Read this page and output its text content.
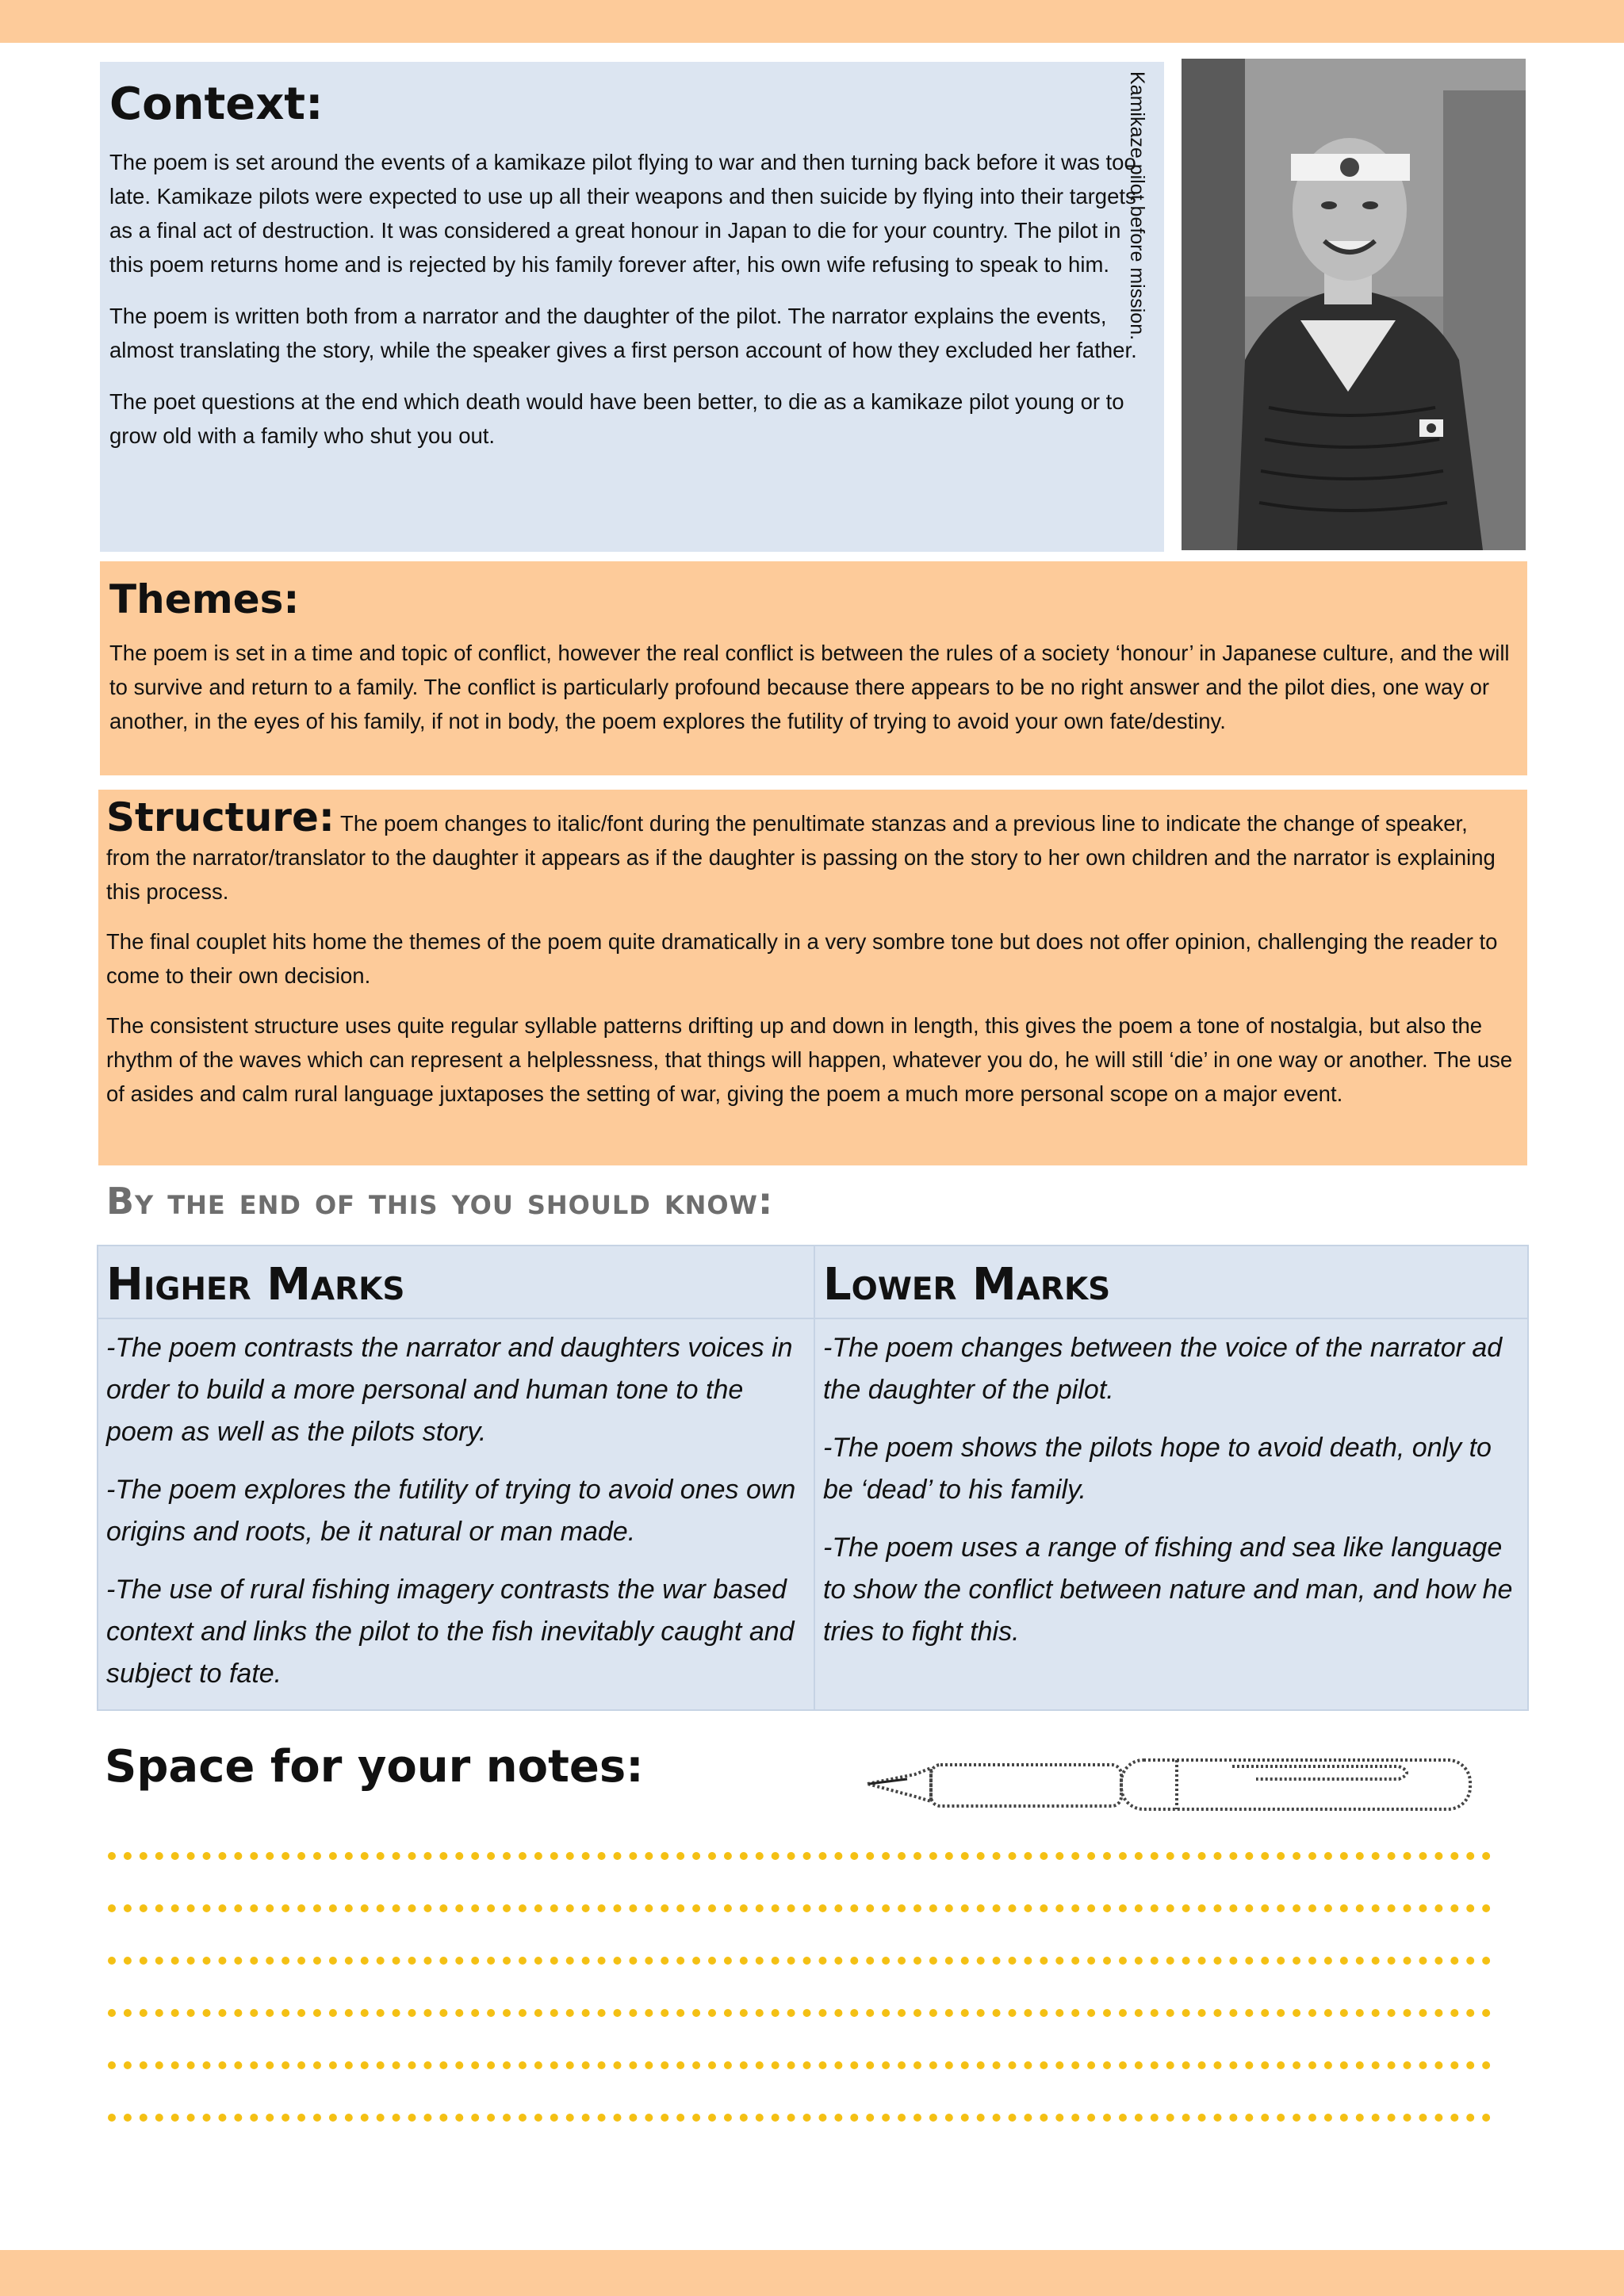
Context:

The poem is set around the events of a kamikaze pilot flying to war and then turning back before it was too late. Kamikaze pilots were expected to use up all their weapons and then suicide by flying into their targets as a final act of destruction. It was considered a great honour in Japan to die for your country. The pilot in this poem returns home and is rejected by his family forever after, his own wife refusing to speak to him.

The poem is written both from a narrator and the daughter of the pilot. The narrator explains the events, almost translating the story, while the speaker gives a first person account of how they excluded her father.

The poet questions at the end which death would have been better, to die as a kamikaze pilot young or to grow old with a family who shut you out.

Kamikaze pilot before mission.
Themes:

The poem is set in a time and topic of conflict, however the real conflict is between the rules of a society ‘honour’ in Japanese culture, and the will to survive and return to a family. The conflict is particularly profound because there appears to be no right answer and the pilot dies, one way or another, in the eyes of his family, if not in body, the poem explores the futility of trying to avoid your own fate/destiny.

Structure: The poem changes to italic/font during the penultimate stanzas and a previous line to indicate the change of speaker, from the narrator/translator to the daughter it appears as if the daughter is passing on the story to her own children and the narrator is explaining this process.

The final couplet hits home the themes of the poem quite dramatically in a very sombre tone but does not offer opinion, challenging the reader to come to their own decision.

The consistent structure uses quite regular syllable patterns drifting up and down in length, this gives the poem a tone of nostalgia, but also the rhythm of the waves which can represent a helplessness, that things will happen, whatever you do, he will still ‘die’ in one way or another. The use of asides and calm rural language juxtaposes the setting of war, giving the poem a much more personal scope on a major event.

By the end of this you should know:
Higher Marks

-The poem contrasts the narrator and daughters voices in order to build a more personal and human tone to the poem as well as the pilots story.

-The poem explores the futility of trying to avoid ones own origins and roots, be it natural or man made.

-The use of rural fishing imagery contrasts the war based context and links the pilot to the fish inevitably caught and subject to fate.

Lower Marks

-The poem changes between the voice of the narrator ad the daughter of the pilot.

-The poem shows the pilots hope to avoid death, only to be ‘dead’ to his family.

-The poem uses a range of fishing and sea like language to show the conflict between nature and man, and how he tries to fight this.

Space for your notes:
